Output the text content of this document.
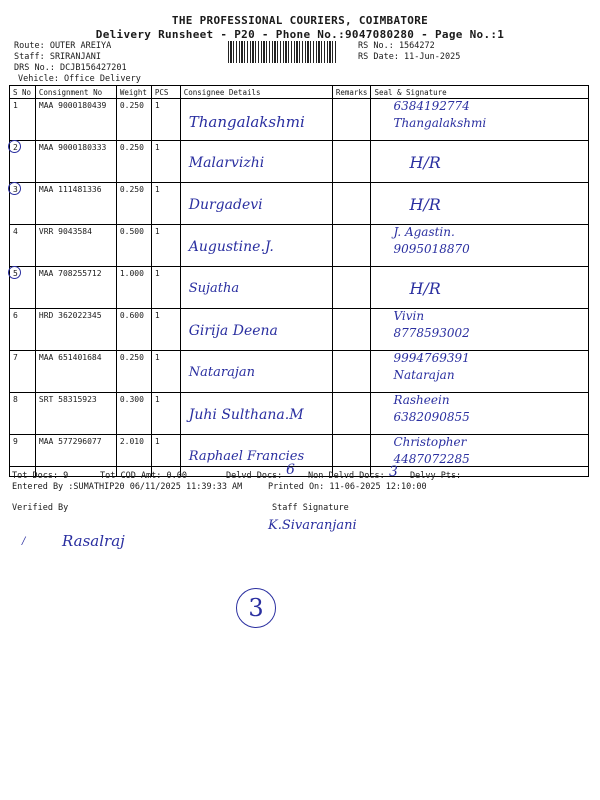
THE PROFESSIONAL COURIERS, COIMBATORE
Delivery Runsheet - P20 - Phone No.:9047080280 - Page No.:1
Route: OUTER AREIYA
Staff: SRIRANJANI
DRS No.: DCJB156427201
Vehicle: Office Delivery
RS No.: 1564272
RS Date: 11-Jun-2025
S No	Consignment No	Weight	PCS	Consignee Details	Remarks	Seal & Signature
1	MAA 9000180439	0.250	1	Thangalakshmi		6384192774
Thangalakshmi

2	MAA 9000180333	0.250	1	Malarvizhi		H/R

3	MAA 111481336	0.250	1	Durgadevi		H/R

4	VRR 9043584	0.500	1	Augustine.J.		J. Agastin.
9095018870

5	MAA 708255712	1.000	1	Sujatha		H/R

6	HRD 362022345	0.600	1	Girija Deena		Vivin
8778593002

7	MAA 651401684	0.250	1	Natarajan		9994769391
Natarajan

8	SRT 58315923	0.300	1	Juhi Sulthana.M		Rasheein
6382090855

9	MAA 577296077	2.010	1	Raphael Francies		Christopher
4487072285
Tot Docs: 9	Tot COD Amt: 0.00	Delvd Docs: 6 Non Delvd Docs: 3 Delvy Pts:
Entered By :SUMATHIP20 06/11/2025 11:39:33 AM	Printed On: 11-06-2025 12:10:00
Verified By	Staff Signature
/ Rasalraj
K.Sivaranjani
3
